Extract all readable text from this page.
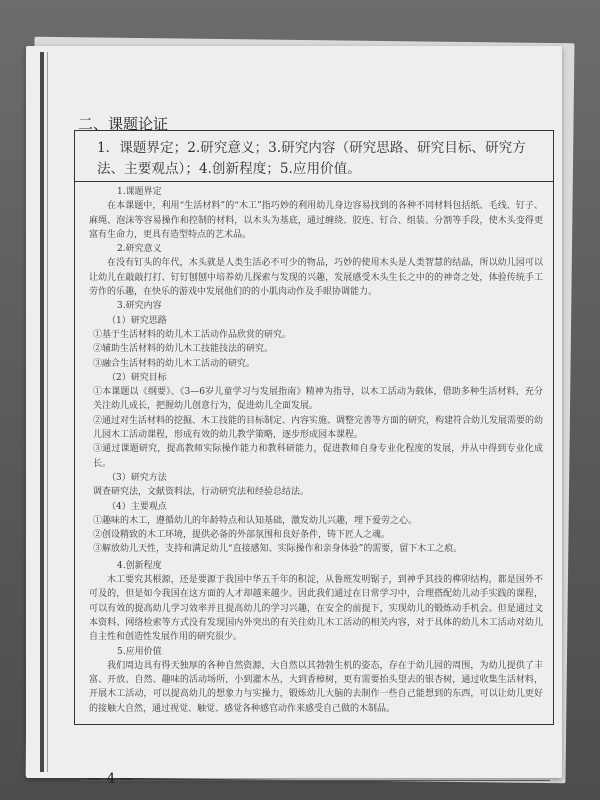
二、课题论证
1．课题界定；2.研究意义；3.研究内容（研究思路、研究目标、研究方
法、主要观点）；4.创新程度；5.应用价值。

1.课题界定

在本课题中，利用“生活材料”的“木工”指巧妙的利用幼儿身边容易找到的各种不同材料包括纸、毛线、钉子、麻绳、泡沫等容易操作和控制的材料，以木头为基底，通过缠绕、胶连、钉合、组装、分割等手段，使木头变得更富有生命力，更具有造型特点的艺术品。

2.研究意义

在没有钉头的年代，木头就是人类生活必不可少的物品，巧妙的使用木头是人类智慧的结晶，所以幼儿园可以让幼儿在敲敲打打、钉钉刨刨中培养幼儿探索与发现的兴趣，发展感受木头生长之中的的神奇之处，体验传统手工劳作的乐趣，在快乐的游戏中发展他们的的小肌肉动作及手眼协调能力。

3.研究内容

（1）研究思路

①基于生活材料的幼儿木工活动作品欣赏的研究。

②辅助生活材料的幼儿木工技能技法的研究。

③融合生活材料的幼儿木工活动的研究。

（2）研究目标

①本课题以《纲要》、《3—6岁儿童学习与发展指南》精神为指导，以木工活动为载体，借助多种生活材料，充分关注幼儿成长，把握幼儿创意行为，促进幼儿全面发展。

②通过对生活材料的挖掘、木工技能的目标制定、内容实施、调整完善等方面的研究，构建符合幼儿发展需要的幼儿园木工活动课程，形成有效的幼儿教学策略，逐步形成园本课程。

③通过课题研究，提高教师实际操作能力和教科研能力，促进教师自身专业化程度的发展，并从中得到专业化成长。

（3）研究方法

调查研究法，文献资料法，行动研究法和经验总结法。

（4）主要观点

①趣味的木工，遵循幼儿的年龄特点和认知基础，激发幼儿兴趣，埋下爱劳之心。

②创设精致的木工环境，提供必备的外部氛围和良好条件，铸下匠人之魂。

③解放幼儿天性，支持和满足幼儿“直接感知、实际操作和亲身体验”的需要，留下木工之痕。

4.创新程度

木工要究其根源，还是要源于我国中华五千年的积淀，从鲁班发明锯子，到神乎其技的榫卯结构，都是国外不可及的，但是如今我国在这方面的人才却越来越少。因此我们通过在日常学习中，合理搭配幼儿动手实践的课程，可以有效的提高幼儿学习效率并且提高幼儿的学习兴趣，在安全的前提下，实现幼儿的锻炼动手机会。但是通过文本资料、网络检索等方式没有发现国内外突出的有关往幼儿木工活动的相关内容，对于具体的幼儿木工活动对幼儿自主性和创造性发展作用的研究很少。

5.应用价值

我们周边具有得天独厚的各种自然资源，大自然以其勃勃生机的姿态，存在于幼儿园的周围，为幼儿提供了丰富、开放、自然、趣味的活动场所，小到灌木丛，大到香樟树，更有需要抬头望去的银杏树，通过收集生活材料，开展木工活动，可以提高幼儿的想象力与实操力，锻炼幼儿大脑的去制作一些自己能想到的东西，可以让幼儿更好的接触大自然，通过视觉、触觉、感觉各种感官动作来感受自己做的木制品。

— 4 —
